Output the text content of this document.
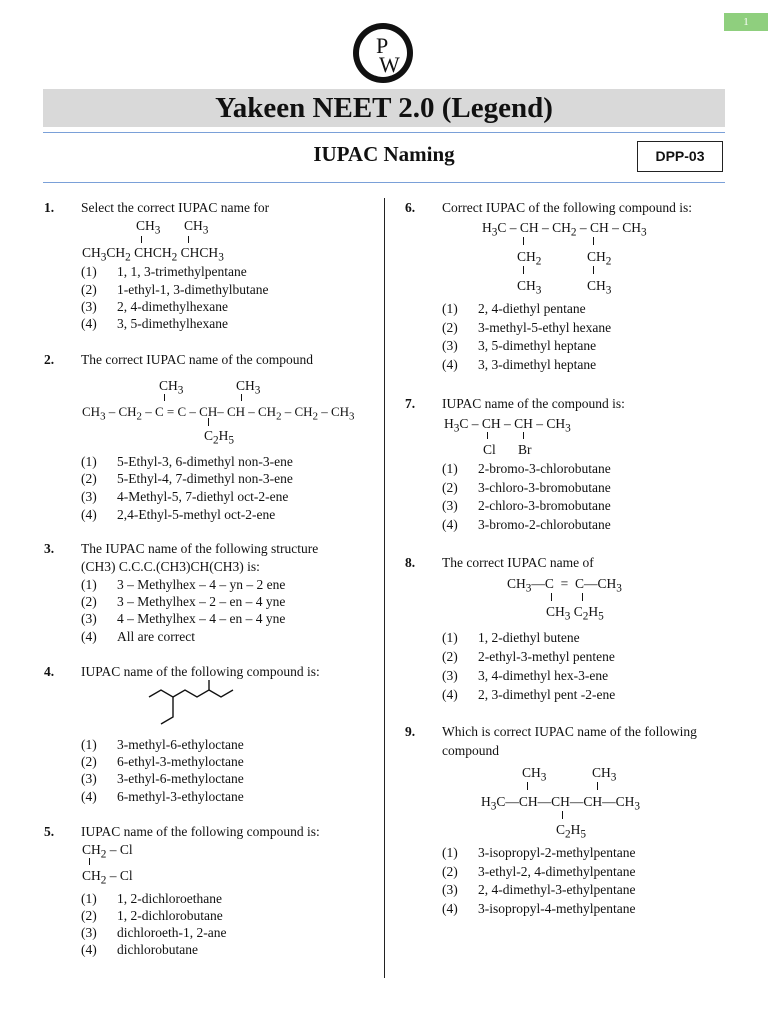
1
P
W
Yakeen NEET 2.0 (Legend)
IUPAC Naming	DPP-03
1. Select the correct IUPAC name for
$CH_3$ $CH_3$
$CH_3CH_2$ $CHCH_2$ $CHCH_3$
(1) 1, 1, 3-trimethylpentane
(2) 1-ethyl-1, 3-dimethylbutane
(3) 2, 4-dimethylhexane
(4) 3, 5-dimethylhexane
2. The correct IUPAC name of the compound
$CH_3$	$CH_3$
$CH_3 - CH_2 - C = C - CH-$ CH – $CH_2 - CH_2 - CH_3$
$C_2H_5$
(1) 5-Ethyl-3, 6-dimethyl non-3-ene
(2) 5-Ethyl-4, 7-dimethyl non-3-ene
(3) 4-Methyl-5, 7-diethyl oct-2-ene
(4) 2,4-Ethyl-5-methyl oct-2-ene
3. The IUPAC name of the following structure
(CH3) C.C.C.(CH3)CH(CH3) is:
(1) 3 – Methylhex – 4 – yn – 2 ene
(2) 3 – Methylhex – 2 – en – 4 yne
(3) 4 – Methylhex – 4 – en – 4 yne
(4) All are correct
4. IUPAC name of the following compound is:
(1) 3-methyl-6-ethyloctane
(2) 6-ethyl-3-methyloctane
(3) 3-ethyl-6-methyloctane
(4) 6-methyl-3-ethyloctane
5. IUPAC name of the following compound is:
$CH_2$ – Cl
$CH_2$ – Cl
(1) 1, 2-dichloroethane
(2) 1, 2-dichlorobutane
(3) dichloroeth-1, 2-ane
(4) dichlorobutane
6. Correct IUPAC of the following compound is:
$H_3C$ – CH – $CH_2$ – CH – $CH_3$
$CH_2$	$CH_2$
$CH_3$	$CH_3$
(1) 2, 4-diethyl pentane
(2) 3-methyl-5-ethyl hexane
(3) 3, 5-dimethyl heptane
(4) 3, 3-dimethyl heptane
7. IUPAC name of the compound is:
$H_3C$ – CH – CH – $CH_3$
Cl Br
(1) 2-bromo-3-chlorobutane
(2) 3-chloro-3-bromobutane
(3) 2-chloro-3-bromobutane
(4) 3-bromo-2-chlorobutane
8. The correct IUPAC name of
$CH_3—C$  =  $C—CH_3$
$CH_3$ $C_2H_5$
(1) 1, 2-diethyl butene
(2) 2-ethyl-3-methyl pentene
(3) 3, 4-dimethyl hex-3-ene
(4) 2, 3-dimethyl pent -2-ene
9. Which is correct IUPAC name of the following
compound
$CH_3$	$CH_3$
$H_3C—CH—CH—CH—CH_3$
$C_2H_5$
(1) 3-isopropyl-2-methylpentane
(2) 3-ethyl-2, 4-dimethylpentane
(3) 2, 4-dimethyl-3-ethylpentane
(4) 3-isopropyl-4-methylpentane
